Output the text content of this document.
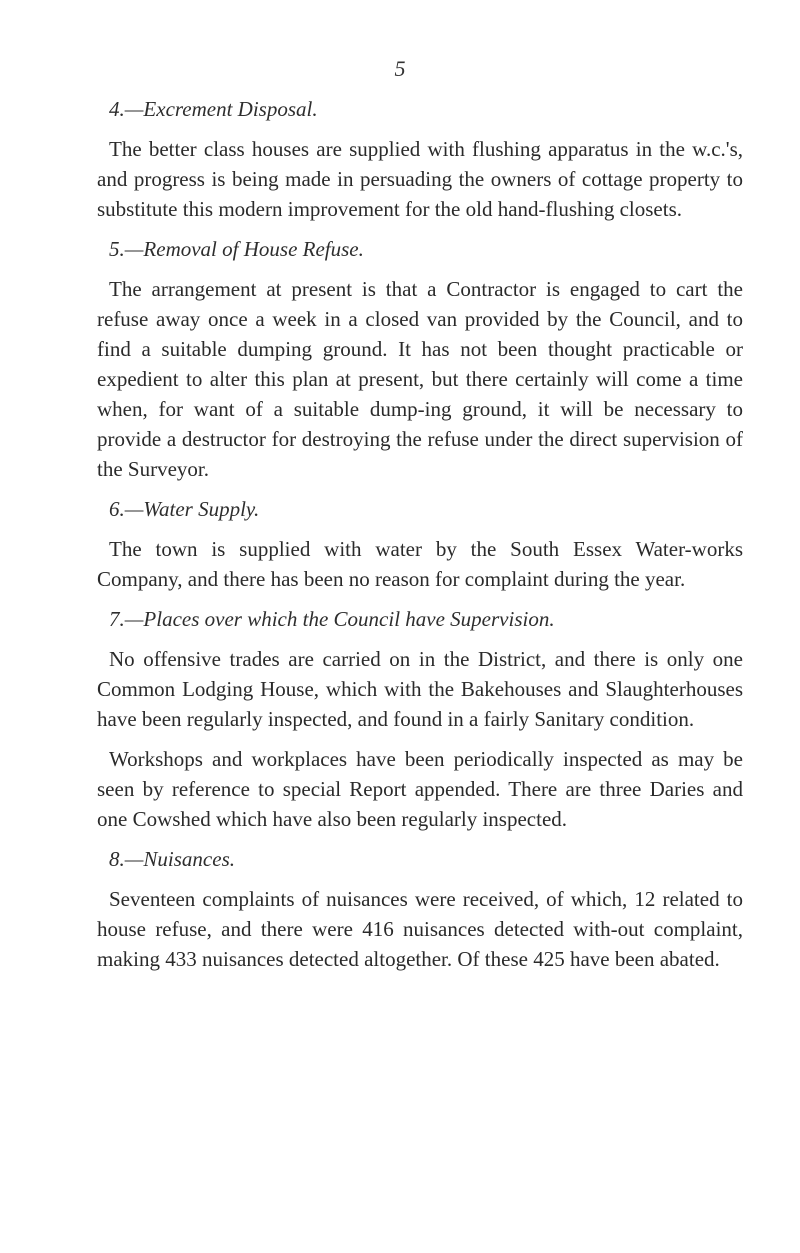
5
4.—Excrement Disposal.

The better class houses are supplied with flushing apparatus in the w.c.'s, and progress is being made in persuading the owners of cottage property to substitute this modern improvement for the old hand-flushing closets.

5.—Removal of House Refuse.

The arrangement at present is that a Contractor is engaged to cart the refuse away once a week in a closed van provided by the Council, and to find a suitable dumping ground. It has not been thought practicable or expedient to alter this plan at present, but there certainly will come a time when, for want of a suitable dump-ing ground, it will be necessary to provide a destructor for destroying the refuse under the direct supervision of the Surveyor.

6.—Water Supply.

The town is supplied with water by the South Essex Water-works Company, and there has been no reason for complaint during the year.

7.—Places over which the Council have Supervision.

No offensive trades are carried on in the District, and there is only one Common Lodging House, which with the Bakehouses and Slaughterhouses have been regularly inspected, and found in a fairly Sanitary condition.

Workshops and workplaces have been periodically inspected as may be seen by reference to special Report appended. There are three Daries and one Cowshed which have also been regularly inspected.

8.—Nuisances.

Seventeen complaints of nuisances were received, of which, 12 related to house refuse, and there were 416 nuisances detected with-out complaint, making 433 nuisances detected altogether. Of these 425 have been abated.
